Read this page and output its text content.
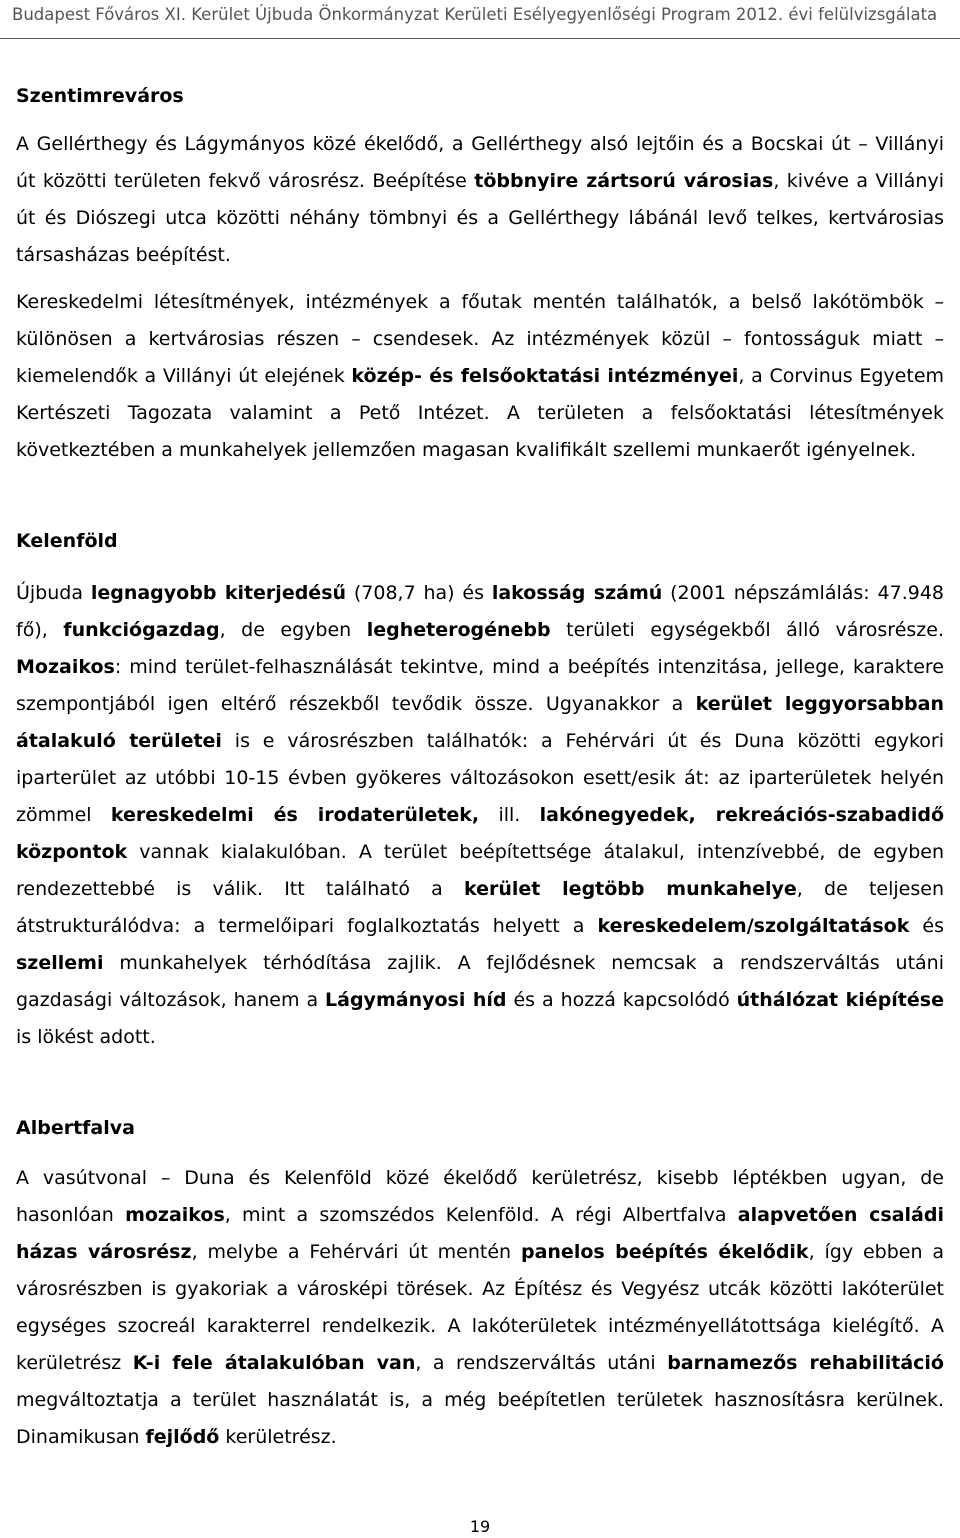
Budapest Főváros XI. Kerület Újbuda Önkormányzat Kerületi Esélyegyenlőségi Program 2012. évi felülvizsgálata
Szentimreváros

A Gellérthegy és Lágymányos közé ékelődő, a Gellérthegy alsó lejtőin és a Bocskai út – Villányi út közötti területen fekvő városrész. Beépítése többnyire zártsorú városias, kivéve a Villányi út és Diószegi utca közötti néhány tömbnyi és a Gellérthegy lábánál levő telkes, kertvárosias társasházas beépítést.

Kereskedelmi létesítmények, intézmények a főutak mentén találhatók, a belső lakótömbök – különösen a kertvárosias részen – csendesek. Az intézmények közül – fontosságuk miatt – kiemelendők a Villányi út elejének közép- és felsőoktatási intézményei, a Corvinus Egyetem Kertészeti Tagozata valamint a Pető Intézet. A területen a felsőoktatási létesítmények következtében a munkahelyek jellemzően magasan kvalifikált szellemi munkaerőt igényelnek.

Kelenföld

Újbuda legnagyobb kiterjedésű (708,7 ha) és lakosság számú (2001 népszámlálás: 47.948 fő), funkciógazdag, de egyben legheterogénebb területi egységekből álló városrésze. Mozaikos: mind terület-felhasználását tekintve, mind a beépítés intenzitása, jellege, karaktere szempontjából igen eltérő részekből tevődik össze. Ugyanakkor a kerület leggyorsabban átalakuló területei is e városrészben találhatók: a Fehérvári út és Duna közötti egykori iparterület az utóbbi 10-15 évben gyökeres változásokon esett/esik át: az iparterületek helyén zömmel kereskedelmi és irodaterületek, ill. lakónegyedek, rekreációs-szabadidő központok vannak kialakulóban. A terület beépítettsége átalakul, intenzívebbé, de egyben rendezettebbé is válik. Itt található a kerület legtöbb munkahelye, de teljesen átstrukturálódva: a termelőipari foglalkoztatás helyett a kereskedelem/szolgáltatások és szellemi munkahelyek térhódítása zajlik. A fejlődésnek nemcsak a rendszerváltás utáni gazdasági változások, hanem a Lágymányosi híd és a hozzá kapcsolódó úthálózat kiépítése is lökést adott.

Albertfalva

A vasútvonal – Duna és Kelenföld közé ékelődő kerületrész, kisebb léptékben ugyan, de hasonlóan mozaikos, mint a szomszédos Kelenföld. A régi Albertfalva alapvetően családi házas városrész, melybe a Fehérvári út mentén panelos beépítés ékelődik, így ebben a városrészben is gyakoriak a városképi törések. Az Építész és Vegyész utcák közötti lakóterület egységes szocreál karakterrel rendelkezik. A lakóterületek intézményellátottsága kielégítő. A kerületrész K-i fele átalakulóban van, a rendszerváltás utáni barnamezős rehabilitáció megváltoztatja a terület használatát is, a még beépítetlen területek hasznosításra kerülnek. Dinamikusan fejlődő kerületrész.

19
